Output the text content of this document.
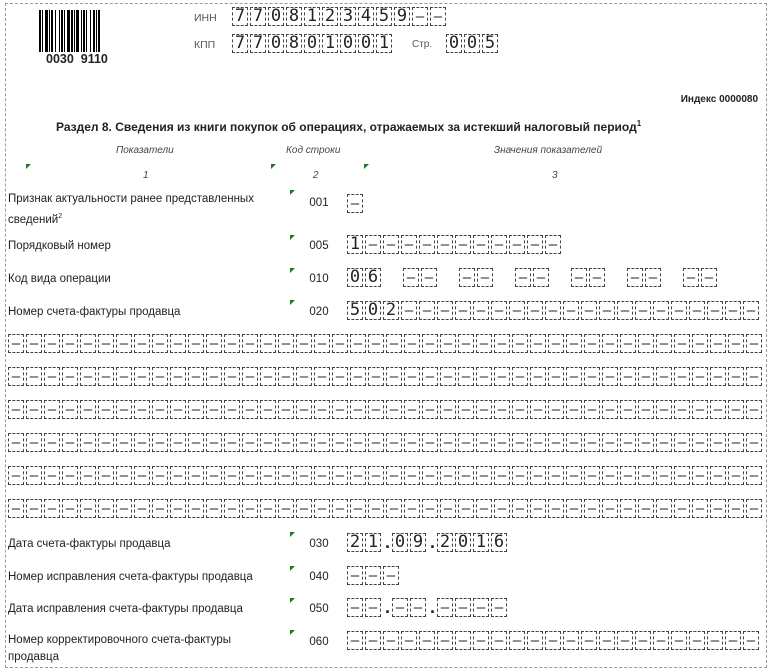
0030  9110
ИНН 7 7 0 8 1 2 3 4 5 9 – –
КПП 7 7 0 8 0 1 0 0 1 Стр. 0 0 5
Индекс 0000080
Раздел 8. Сведения из книги покупок об операциях, отражаемых за истекший налоговый период$^1$
Показатели	Код строки	Значения показателей
1	2	3
Признак актуальности ранее представленных
сведений$^2$
001	–
Порядковый номер	005	1 – – – – – – – – – – –
Код вида операции	010	0 6 – – – – – – – – – – – –
Номер счета-фактуры продавца	020	5 0 2 – – – – – – – – – – – – – – – – – – – –
– – – – – – – – – – – – – – – – – – – – – – – – – – – – – – – – – – – – – – – – – –
– – – – – – – – – – – – – – – – – – – – – – – – – – – – – – – – – – – – – – – – – –
– – – – – – – – – – – – – – – – – – – – – – – – – – – – – – – – – – – – – – – – – –
– – – – – – – – – – – – – – – – – – – – – – – – – – – – – – – – – – – – – – – – – –
– – – – – – – – – – – – – – – – – – – – – – – – – – – – – – – – – – – – – – – – – –
– – – – – – – – – – – – – – – – – – – – – – – – – – – – – – – – – – – – – – – – – –
Дата счета-фактуры продавца	030	2 1 . 0 9 . 2 0 1 6
Номер исправления счета-фактуры продавца	040	– – –
Дата исправления счета-фактуры продавца	050	– – . – – . – – – –
Номер корректировочного счета-фактуры
продавца
060	– – – – – – – – – – – – – – – – – – – – – – –
